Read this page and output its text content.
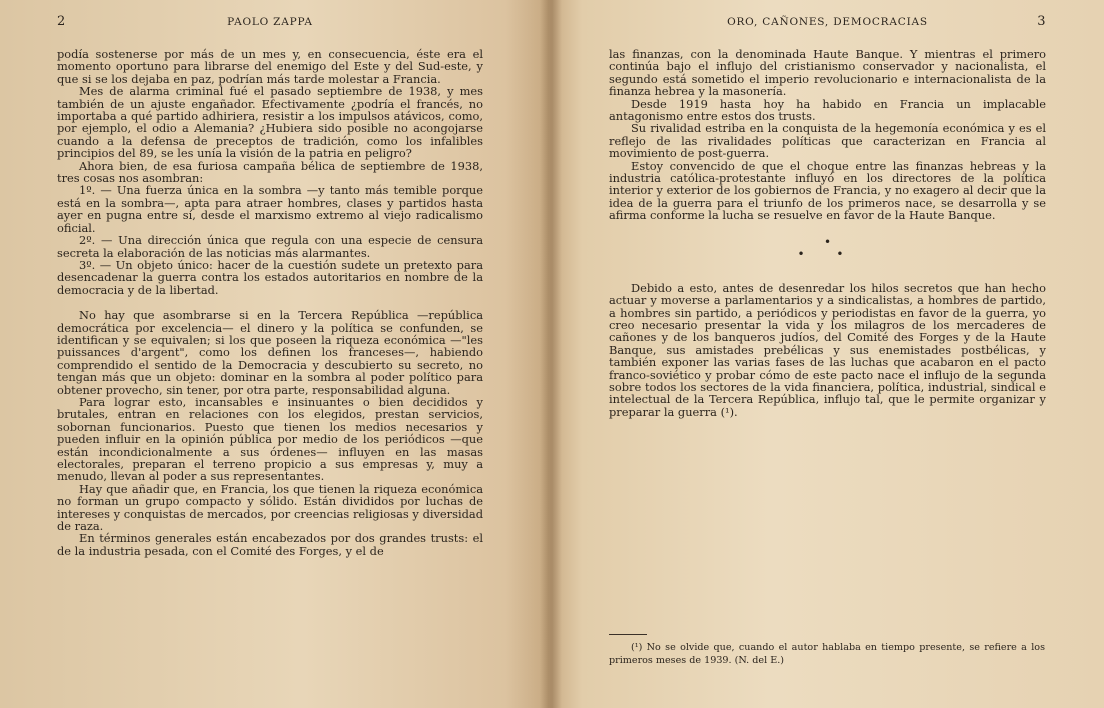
2	PAOLO ZAPPA

podía sostenerse por más de un mes y, en consecuencia, éste era el momento oportuno para librarse del enemigo del Este y del Sud-este, y que si se los dejaba en paz, podrían más tarde molestar a Francia.

Mes de alarma criminal fué el pasado septiembre de 1938, y mes también de un ajuste engañador. Efectivamente ¿podría el francés, no importaba a qué partido adhiriera, resistir a los impulsos atávicos, como, por ejemplo, el odio a Alemania? ¿Hubiera sido posible no acongojarse cuando a la defensa de preceptos de tradición, como los infalibles principios del 89, se les unía la visión de la patria en peligro?

Ahora bien, de esa furiosa campaña bélica de septiembre de 1938, tres cosas nos asombran:

1º. — Una fuerza única en la sombra —y tanto más temible porque está en la sombra—, apta para atraer hombres, clases y partidos hasta ayer en pugna entre sí, desde el marxismo extremo al viejo radicalismo oficial.

2º. — Una dirección única que regula con una especie de censura secreta la elaboración de las noticias más alarmantes.

3º. — Un objeto único: hacer de la cuestión sudete un pretexto para desencadenar la guerra contra los estados autoritarios en nombre de la democracia y de la libertad.

No hay que asombrarse si en la Tercera República —república democrática por excelencia— el dinero y la política se confunden, se identifican y se equivalen; si los que poseen la riqueza económica —"les puissances d'argent", como los definen los franceses—, habiendo comprendido el sentido de la Democracia y descubierto su secreto, no tengan más que un objeto: dominar en la sombra al poder político para obtener provecho, sin tener, por otra parte, responsabilidad alguna.

Para lograr esto, incansables e insinuantes o bien decididos y brutales, entran en relaciones con los elegidos, prestan servicios, sobornan funcionarios. Puesto que tienen los medios necesarios y pueden influir en la opinión pública por medio de los periódicos —que están incondicionalmente a sus órdenes— influyen en las masas electorales, preparan el terreno propicio a sus empresas y, muy a menudo, llevan al poder a sus representantes.

Hay que añadir que, en Francia, los que tienen la riqueza económica no forman un grupo compacto y sólido. Están divididos por luchas de intereses y conquistas de mercados, por creencias religiosas y diversidad de raza.

En términos generales están encabezados por dos grandes trusts: el de la industria pesada, con el Comité des Forges, y el de

ORO, CAÑONES, DEMOCRACIAS	3

las finanzas, con la denominada Haute Banque. Y mientras el primero continúa bajo el influjo del cristianismo conservador y nacionalista, el segundo está sometido el imperio revolucionario e internacionalista de la finanza hebrea y la masonería.

Desde 1919 hasta hoy ha habido en Francia un implacable antagonismo entre estos dos trusts.

Su rivalidad estriba en la conquista de la hegemonía económica y es el reflejo de las rivalidades políticas que caracterizan en Francia al movimiento de post-guerra.

Estoy convencido de que el choque entre las finanzas hebreas y la industria católica-protestante influyó en los directores de la política interior y exterior de los gobiernos de Francia, y no exagero al decir que la idea de la guerra para el triunfo de los primeros nace, se desarrolla y se afirma conforme la lucha se resuelve en favor de la Haute Banque.

•
• •

Debido a esto, antes de desenredar los hilos secretos que han hecho actuar y moverse a parlamentarios y a sindicalistas, a hombres de partido, a hombres sin partido, a periódicos y periodistas en favor de la guerra, yo creo necesario presentar la vida y los milagros de los mercaderes de cañones y de los banqueros judíos, del Comité des Forges y de la Haute Banque, sus amistades prebélicas y sus enemistades postbélicas, y también exponer las varias fases de las luchas que acabaron en el pacto franco-soviético y probar cómo de este pacto nace el influjo de la segunda sobre todos los sectores de la vida financiera, política, industrial, sindical e intelectual de la Tercera República, influjo tal, que le permite organizar y preparar la guerra (¹).

(¹) No se olvide que, cuando el autor hablaba en tiempo presente, se refiere a los primeros meses de 1939. (N. del E.)
